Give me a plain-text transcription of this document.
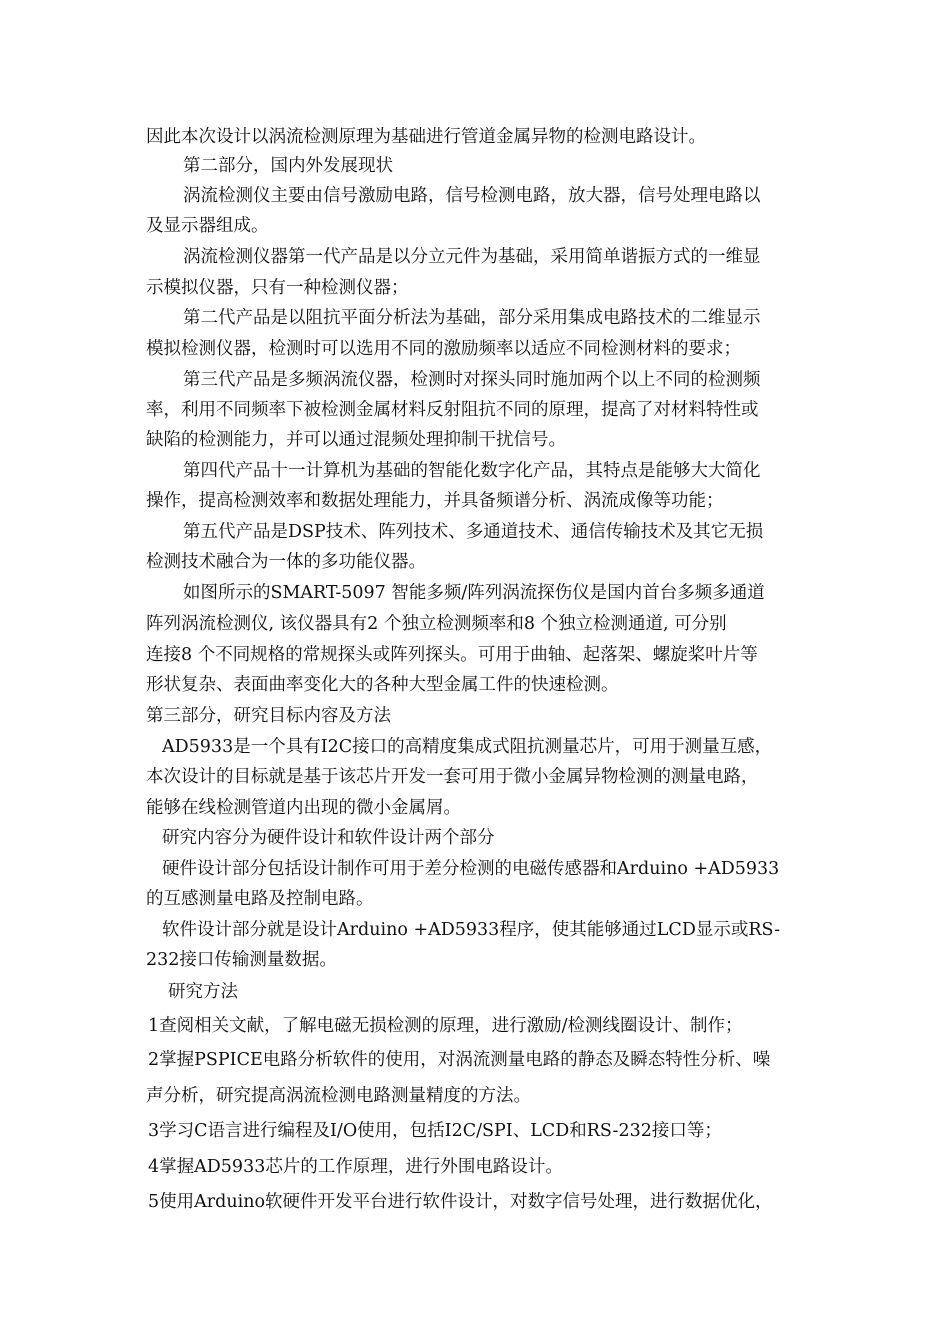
因此本次设计以涡流检测原理为基础进行管道金属异物的检测电路设计。
第二部分，国内外发展现状
涡流检测仪主要由信号激励电路，信号检测电路，放大器，信号处理电路以
及显示器组成。
涡流检测仪器第一代产品是以分立元件为基础，采用简单谐振方式的一维显
示模拟仪器，只有一种检测仪器；
第二代产品是以阻抗平面分析法为基础，部分采用集成电路技术的二维显示
模拟检测仪器，检测时可以选用不同的激励频率以适应不同检测材料的要求；
第三代产品是多频涡流仪器，检测时对探头同时施加两个以上不同的检测频
率，利用不同频率下被检测金属材料反射阻抗不同的原理，提高了对材料特性或
缺陷的检测能力，并可以通过混频处理抑制干扰信号。
第四代产品十一计算机为基础的智能化数字化产品，其特点是能够大大简化
操作，提高检测效率和数据处理能力，并具备频谱分析、涡流成像等功能；
第五代产品是DSP技术、阵列技术、多通道技术、通信传输技术及其它无损
检测技术融合为一体的多功能仪器。
如图所示的SMART-5097 智能多频/阵列涡流探伤仪是国内首台多频多通道
阵列涡流检测仪, 该仪器具有2 个独立检测频率和8 个独立检测通道, 可分别
连接8 个不同规格的常规探头或阵列探头。可用于曲轴、起落架、螺旋桨叶片等
形状复杂、表面曲率变化大的各种大型金属工件的快速检测。
第三部分，研究目标内容及方法
AD5933是一个具有I2C接口的高精度集成式阻抗测量芯片，可用于测量互感，
本次设计的目标就是基于该芯片开发一套可用于微小金属异物检测的测量电路，
能够在线检测管道内出现的微小金属屑。
研究内容分为硬件设计和软件设计两个部分
硬件设计部分包括设计制作可用于差分检测的电磁传感器和Arduino +AD5933
的互感测量电路及控制电路。
软件设计部分就是设计Arduino +AD5933程序，使其能够通过LCD显示或RS-
232接口传输测量数据。
研究方法
1查阅相关文献，了解电磁无损检测的原理，进行激励/检测线圈设计、制作；
2掌握PSPICE电路分析软件的使用，对涡流测量电路的静态及瞬态特性分析、噪
声分析，研究提高涡流检测电路测量精度的方法。
3学习C语言进行编程及I/O使用，包括I2C/SPI、LCD和RS-232接口等；
4掌握AD5933芯片的工作原理，进行外围电路设计。
5使用Arduino软硬件开发平台进行软件设计，对数字信号处理，进行数据优化，
